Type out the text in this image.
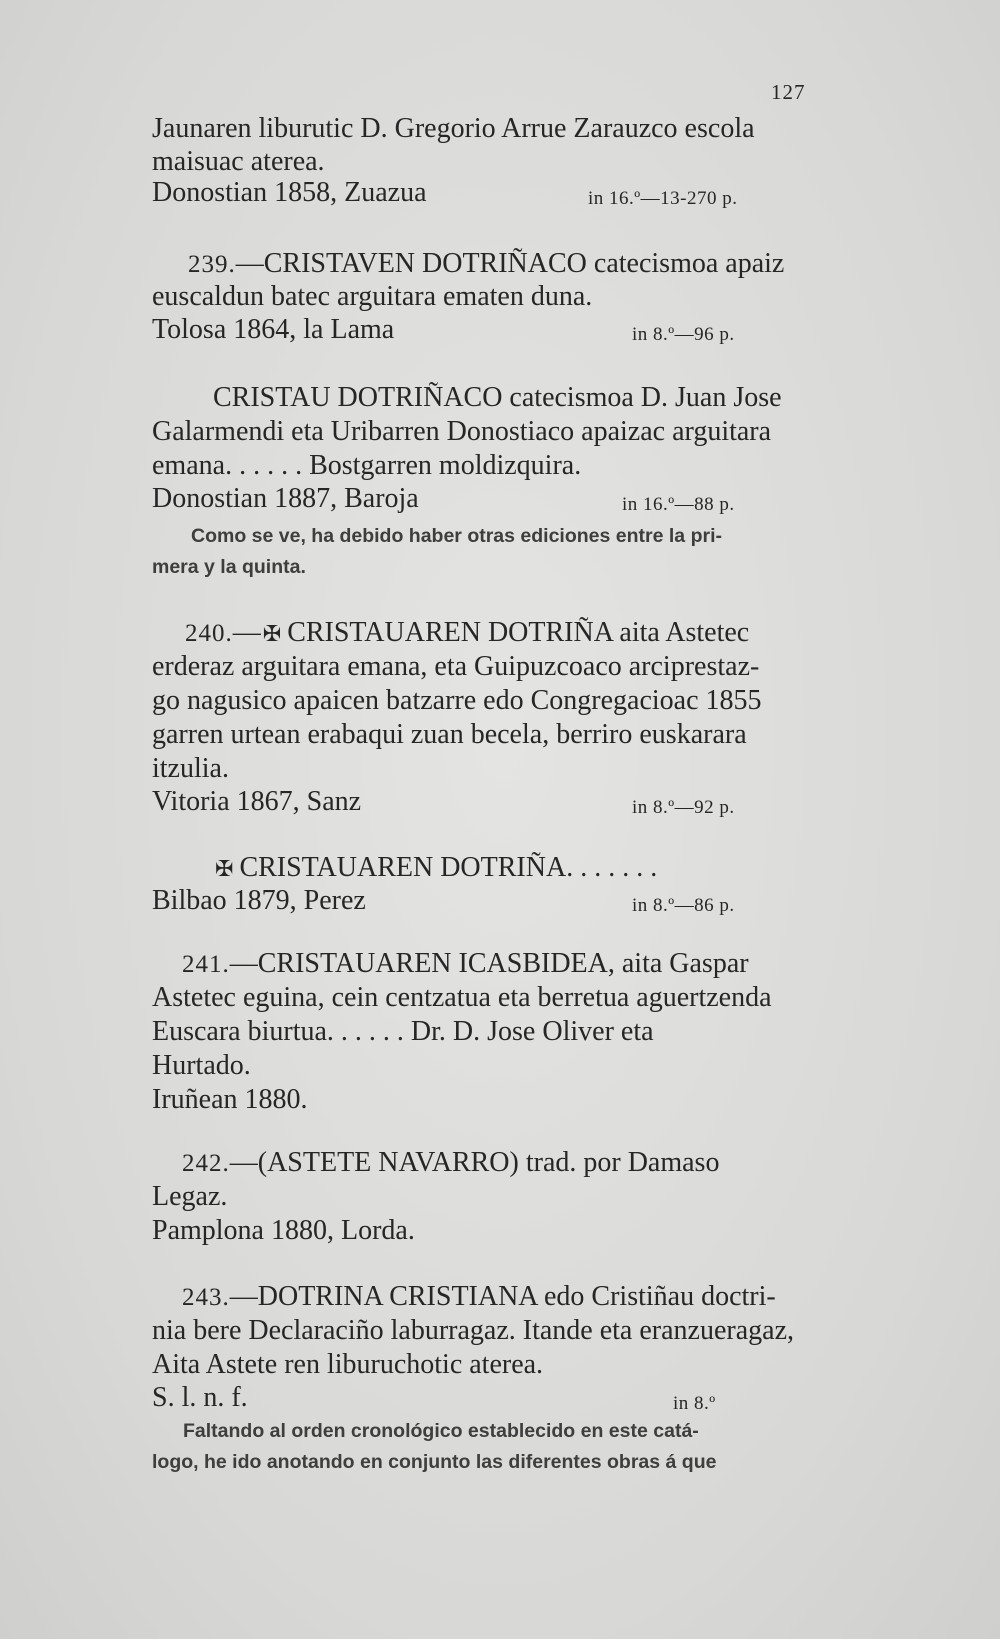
127
Jaunaren liburutic D. Gregorio Arrue Zarauzco escola
maisuac aterea.
Donostian 1858, Zuazua	in 16.º—13-270 p.
239.—CRISTAVEN DOTRIÑACO catecismoa apaiz
euscaldun batec arguitara ematen duna.
Tolosa 1864, la Lama	in 8.º—96 p.
CRISTAU DOTRIÑACO catecismoa D. Juan Jose
Galarmendi eta Uribarren Donostiaco apaizac arguitara
emana. . . . . . Bostgarren moldizquira.
Donostian 1887, Baroja	in 16.º—88 p.
Como se ve, ha debido haber otras ediciones entre la pri-
mera y la quinta.
240.—✠ CRISTAUAREN DOTRIÑA aita Astetec
erderaz arguitara emana, eta Guipuzcoaco arciprestaz-
go nagusico apaicen batzarre edo Congregacioac 1855
garren urtean erabaqui zuan becela, berriro euskarara
itzulia.
Vitoria 1867, Sanz	in 8.º—92 p.
✠ CRISTAUAREN DOTRIÑA. . . . . . .
Bilbao 1879, Perez	in 8.º—86 p.
241.—CRISTAUAREN ICASBIDEA, aita Gaspar
Astetec eguina, cein centzatua eta berretua aguertzenda
Euscara biurtua. . . . . . Dr. D. Jose Oliver eta
Hurtado.
Iruñean 1880.
242.—(ASTETE NAVARRO) trad. por Damaso
Legaz.
Pamplona 1880, Lorda.
243.—DOTRINA CRISTIANA edo Cristiñau doctri-
nia bere Declaraciño laburragaz. Itande eta eranzueragaz,
Aita Astete ren liburuchotic aterea.
S. l. n. f.	in 8.º
Faltando al orden cronológico establecido en este catá-
logo, he ido anotando en conjunto las diferentes obras á que
